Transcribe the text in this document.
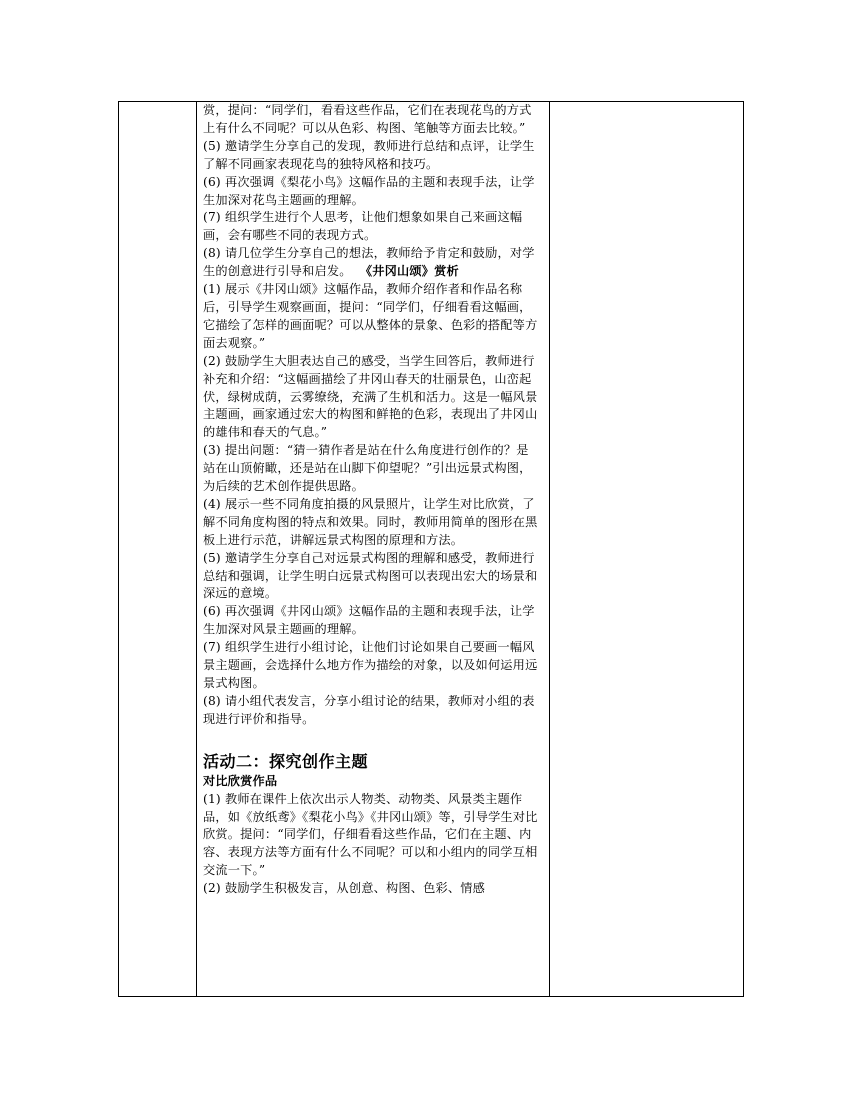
赏，提问：“同学们，看看这些作品，它们在表现花鸟的方式上有什么不同呢？可以从色彩、构图、笔触等方面去比较。”

(5) 邀请学生分享自己的发现，教师进行总结和点评，让学生了解不同画家表现花鸟的独特风格和技巧。

(6) 再次强调《梨花小鸟》这幅作品的主题和表现手法，让学生加深对花鸟主题画的理解。

(7) 组织学生进行个人思考，让他们想象如果自己来画这幅画，会有哪些不同的表现方式。

(8) 请几位学生分享自己的想法，教师给予肯定和鼓励，对学生的创意进行引导和启发。 《井冈山颂》赏析

(1) 展示《井冈山颂》这幅作品，教师介绍作者和作品名称后，引导学生观察画面，提问：“同学们，仔细看看这幅画，它描绘了怎样的画面呢？可以从整体的景象、色彩的搭配等方面去观察。”

(2) 鼓励学生大胆表达自己的感受，当学生回答后，教师进行补充和介绍：“这幅画描绘了井冈山春天的壮丽景色，山峦起伏，绿树成荫，云雾缭绕，充满了生机和活力。这是一幅风景主题画，画家通过宏大的构图和鲜艳的色彩，表现出了井冈山的雄伟和春天的气息。”

(3) 提出问题：“猜一猜作者是站在什么角度进行创作的？是站在山顶俯瞰，还是站在山脚下仰望呢？”引出远景式构图，为后续的艺术创作提供思路。

(4) 展示一些不同角度拍摄的风景照片，让学生对比欣赏，了解不同角度构图的特点和效果。同时，教师用简单的图形在黑板上进行示范，讲解远景式构图的原理和方法。

(5) 邀请学生分享自己对远景式构图的理解和感受，教师进行总结和强调，让学生明白远景式构图可以表现出宏大的场景和深远的意境。

(6) 再次强调《井冈山颂》这幅作品的主题和表现手法，让学生加深对风景主题画的理解。

(7) 组织学生进行小组讨论，让他们讨论如果自己要画一幅风景主题画，会选择什么地方作为描绘的对象，以及如何运用远景式构图。

(8) 请小组代表发言，分享小组讨论的结果，教师对小组的表现进行评价和指导。

活动二：探究创作主题

对比欣赏作品

(1) 教师在课件上依次出示人物类、动物类、风景类主题作品，如《放纸鸢》《梨花小鸟》《井冈山颂》等，引导学生对比欣赏。提问：“同学们，仔细看看这些作品，它们在主题、内容、表现方法等方面有什么不同呢？可以和小组内的同学互相交流一下。”

(2) 鼓励学生积极发言，从创意、构图、色彩、情感
